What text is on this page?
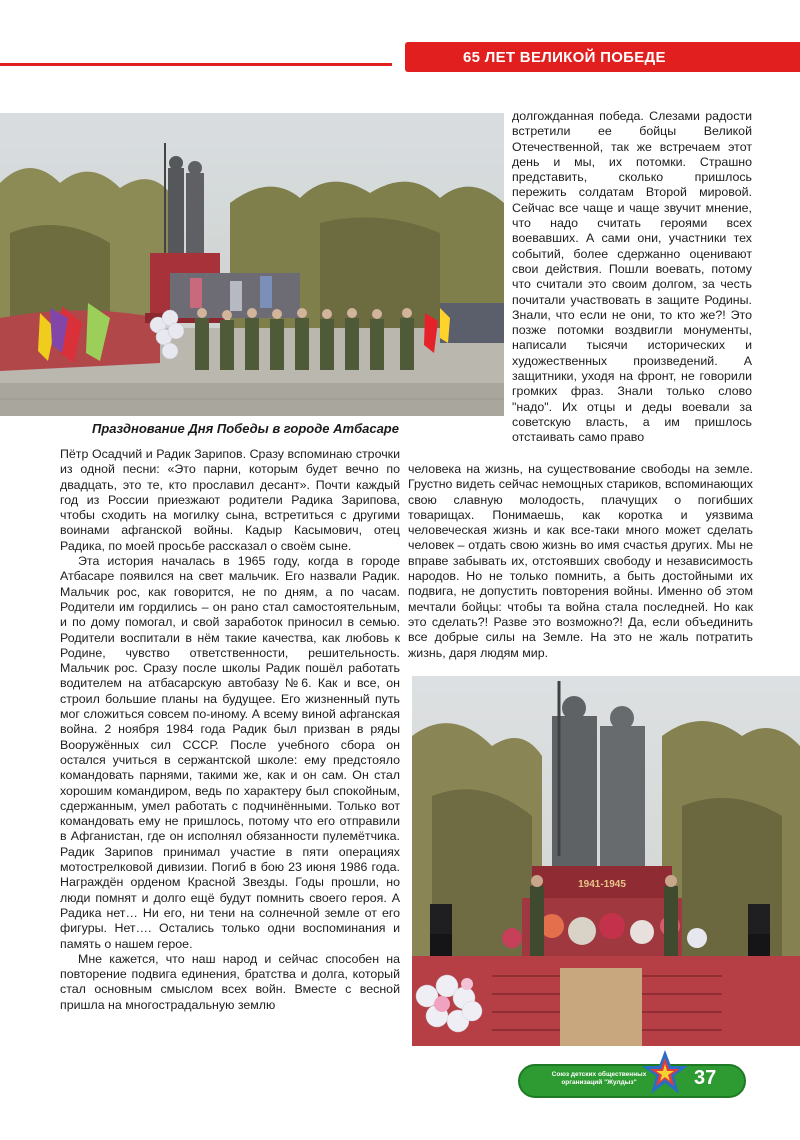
65 ЛЕТ ВЕЛИКОЙ ПОБЕДЕ
Празднование Дня Победы в городе Атбасаре

долгожданная победа. Слезами радости встретили ее бойцы Великой Отечественной, так же встречаем этот день и мы, их потомки. Страшно представить, сколько пришлось пережить солдатам Второй мировой. Сейчас все чаще и чаще звучит мнение, что надо считать героями всех воевавших. А сами они, участники тех событий, более сдержанно оценивают свои действия. Пошли воевать, потому что считали это своим долгом, за честь почитали участвовать в защите Родины. Знали, что если не они, то кто же?! Это позже потомки воздвигли монументы, написали тысячи исторических и художественных произведений. А защитники, уходя на фронт, не говорили громких фраз. Знали только слово "надо". Их отцы и деды воевали за советскую власть, а им пришлось отстаивать само право

человека на жизнь, на существование свободы на земле. Грустно видеть сейчас немощных стариков, вспоминающих свою славную молодость, плачущих о погибших товарищах. Понимаешь, как коротка и уязвима человеческая жизнь и как все-таки много может сделать человек – отдать свою жизнь во имя счастья других. Мы не вправе забывать их, отстоявших свободу и независимость народов. Но не только помнить, а быть достойными их подвига, не допустить повторения войны. Именно об этом мечтали бойцы: чтобы та война стала последней. Но как это сделать?! Разве это возможно?! Да, если объединить все добрые силы на Земле. На это не жаль потратить жизнь, даря людям мир.

Пётр Осадчий и Радик Зарипов. Сразу вспоминаю строчки из одной песни: «Это парни, которым будет вечно по двадцать, это те, кто прославил десант». Почти каждый год из России приезжают родители Радика Зарипова, чтобы сходить на могилку сына, встретиться с другими воинами афганской войны. Кадыр Касымович, отец Радика, по моей просьбе рассказал о своём сыне.

Эта история началась в 1965 году, когда в городе Атбасаре появился на свет мальчик. Его назвали Радик. Мальчик рос, как говорится, не по дням, а по часам. Родители им гордились – он рано стал самостоятельным, и по дому помогал, и свой заработок приносил в семью. Родители воспитали в нём такие качества, как любовь к Родине, чувство ответственности, решительность. Мальчик рос. Сразу после школы Радик пошёл работать водителем на атбасарскую автобазу №6. Как и все, он строил большие планы на будущее. Его жизненный путь мог сложиться совсем по-иному. А всему виной афганская война. 2 ноября 1984 года Радик был призван в ряды Вооружённых сил СССР. После учебного сбора он остался учиться в сержантской школе: ему предстояло командовать парнями, такими же, как и он сам. Он стал хорошим командиром, ведь по характеру был спокойным, сдержанным, умел работать с подчинёнными. Только вот командовать ему не пришлось, потому что его отправили в Афганистан, где он исполнял обязанности пулемётчика. Радик Зарипов принимал участие в пяти операциях мотострелковой дивизии. Погиб в бою 23 июня 1986 года. Награждён орденом Красной Звезды. Годы прошли, но люди помнят и долго ещё будут помнить своего героя. А Радика нет… Ни его, ни тени на солнечной земле от его фигуры. Нет…. Остались только одни воспоминания и память о нашем герое.

Мне кажется, что наш народ и сейчас способен на повторение подвига единения, братства и долга, который стал основным смыслом всех войн. Вместе с весной пришла на многострадальную землю

1941-1945
Союз детских общественных организаций "Жулдыз"	37
